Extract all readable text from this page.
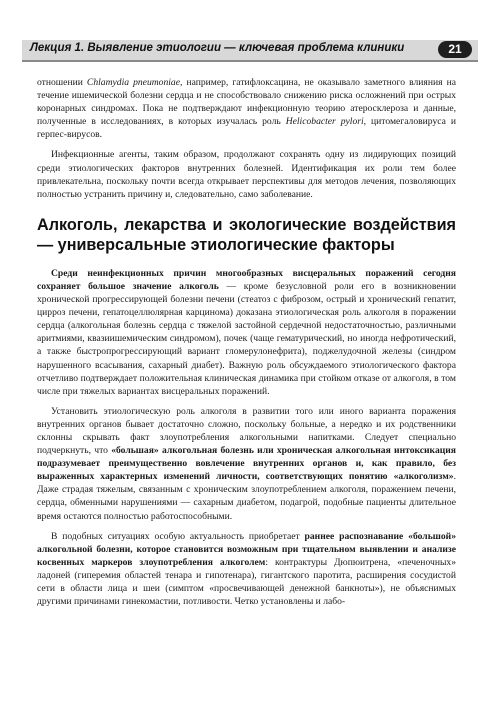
Лекция 1. Выявление этиологии — ключевая проблема клиники	21

отношении Chlamydia pneumoniae, например, гатифлоксацина, не оказывало заметного влияния на течение ишемической болезни сердца и не способствовало снижению риска осложнений при острых коронарных синдромах. Пока не подтверждают инфекционную теорию атеросклероза и данные, полученные в исследованиях, в которых изучалась роль Helicobacter pylori, цитомегаловируса и герпес-вирусов.

Инфекционные агенты, таким образом, продолжают сохранять одну из лидирующих позиций среди этиологических факторов внутренних болезней. Идентификация их роли тем более привлекательна, поскольку почти всегда открывает перспективы для методов лечения, позволяющих полностью устранить причину и, следовательно, само заболевание.

Алкоголь, лекарства и экологические воздействия — универсальные этиологические факторы

Среди неинфекционных причин многообразных висцеральных поражений сегодня сохраняет большое значение алкоголь — кроме безусловной роли его в возникновении хронической прогрессирующей болезни печени (стеатоз с фиброзом, острый и хронический гепатит, цирроз печени, гепатоцеллюлярная карцинома) доказана этиологическая роль алкоголя в поражении сердца (алкогольная болезнь сердца с тяжелой застойной сердечной недостаточностью, различными аритмиями, квазиишемическим синдромом), почек (чаще гематурический, но иногда нефротический, а также быстропрогрессирующий вариант гломерулонефрита), поджелудочной железы (синдром нарушенного всасывания, сахарный диабет). Важную роль обсуждаемого этиологического фактора отчетливо подтверждает положительная клиническая динамика при стойком отказе от алкоголя, в том числе при тяжелых вариантах висцеральных поражений.

Установить этиологическую роль алкоголя в развитии того или иного варианта поражения внутренних органов бывает достаточно сложно, поскольку больные, а нередко и их родственники склонны скрывать факт злоупотребления алкогольными напитками. Следует специально подчеркнуть, что «большая» алкогольная болезнь или хроническая алкогольная интоксикация подразумевает преимущественно вовлечение внутренних органов и, как правило, без выраженных характерных изменений личности, соответствующих понятию «алкоголизм». Даже страдая тяжелым, связанным с хроническим злоупотреблением алкоголя, поражением печени, сердца, обменными нарушениями — сахарным диабетом, подагрой, подобные пациенты длительное время остаются полностью работоспособными.

В подобных ситуациях особую актуальность приобретает раннее распознавание «большой» алкогольной болезни, которое становится возможным при тщательном выявлении и анализе косвенных маркеров злоупотребления алкоголем: контрактуры Дюпюитрена, «печеночных» ладоней (гиперемия областей тенара и гипотенара), гигантского паротита, расширения сосудистой сети в области лица и шеи (симптом «просвечивающей денежной банкноты»), не объяснимых другими причинами гинекомастии, потливости. Четко установлены и лабо-
